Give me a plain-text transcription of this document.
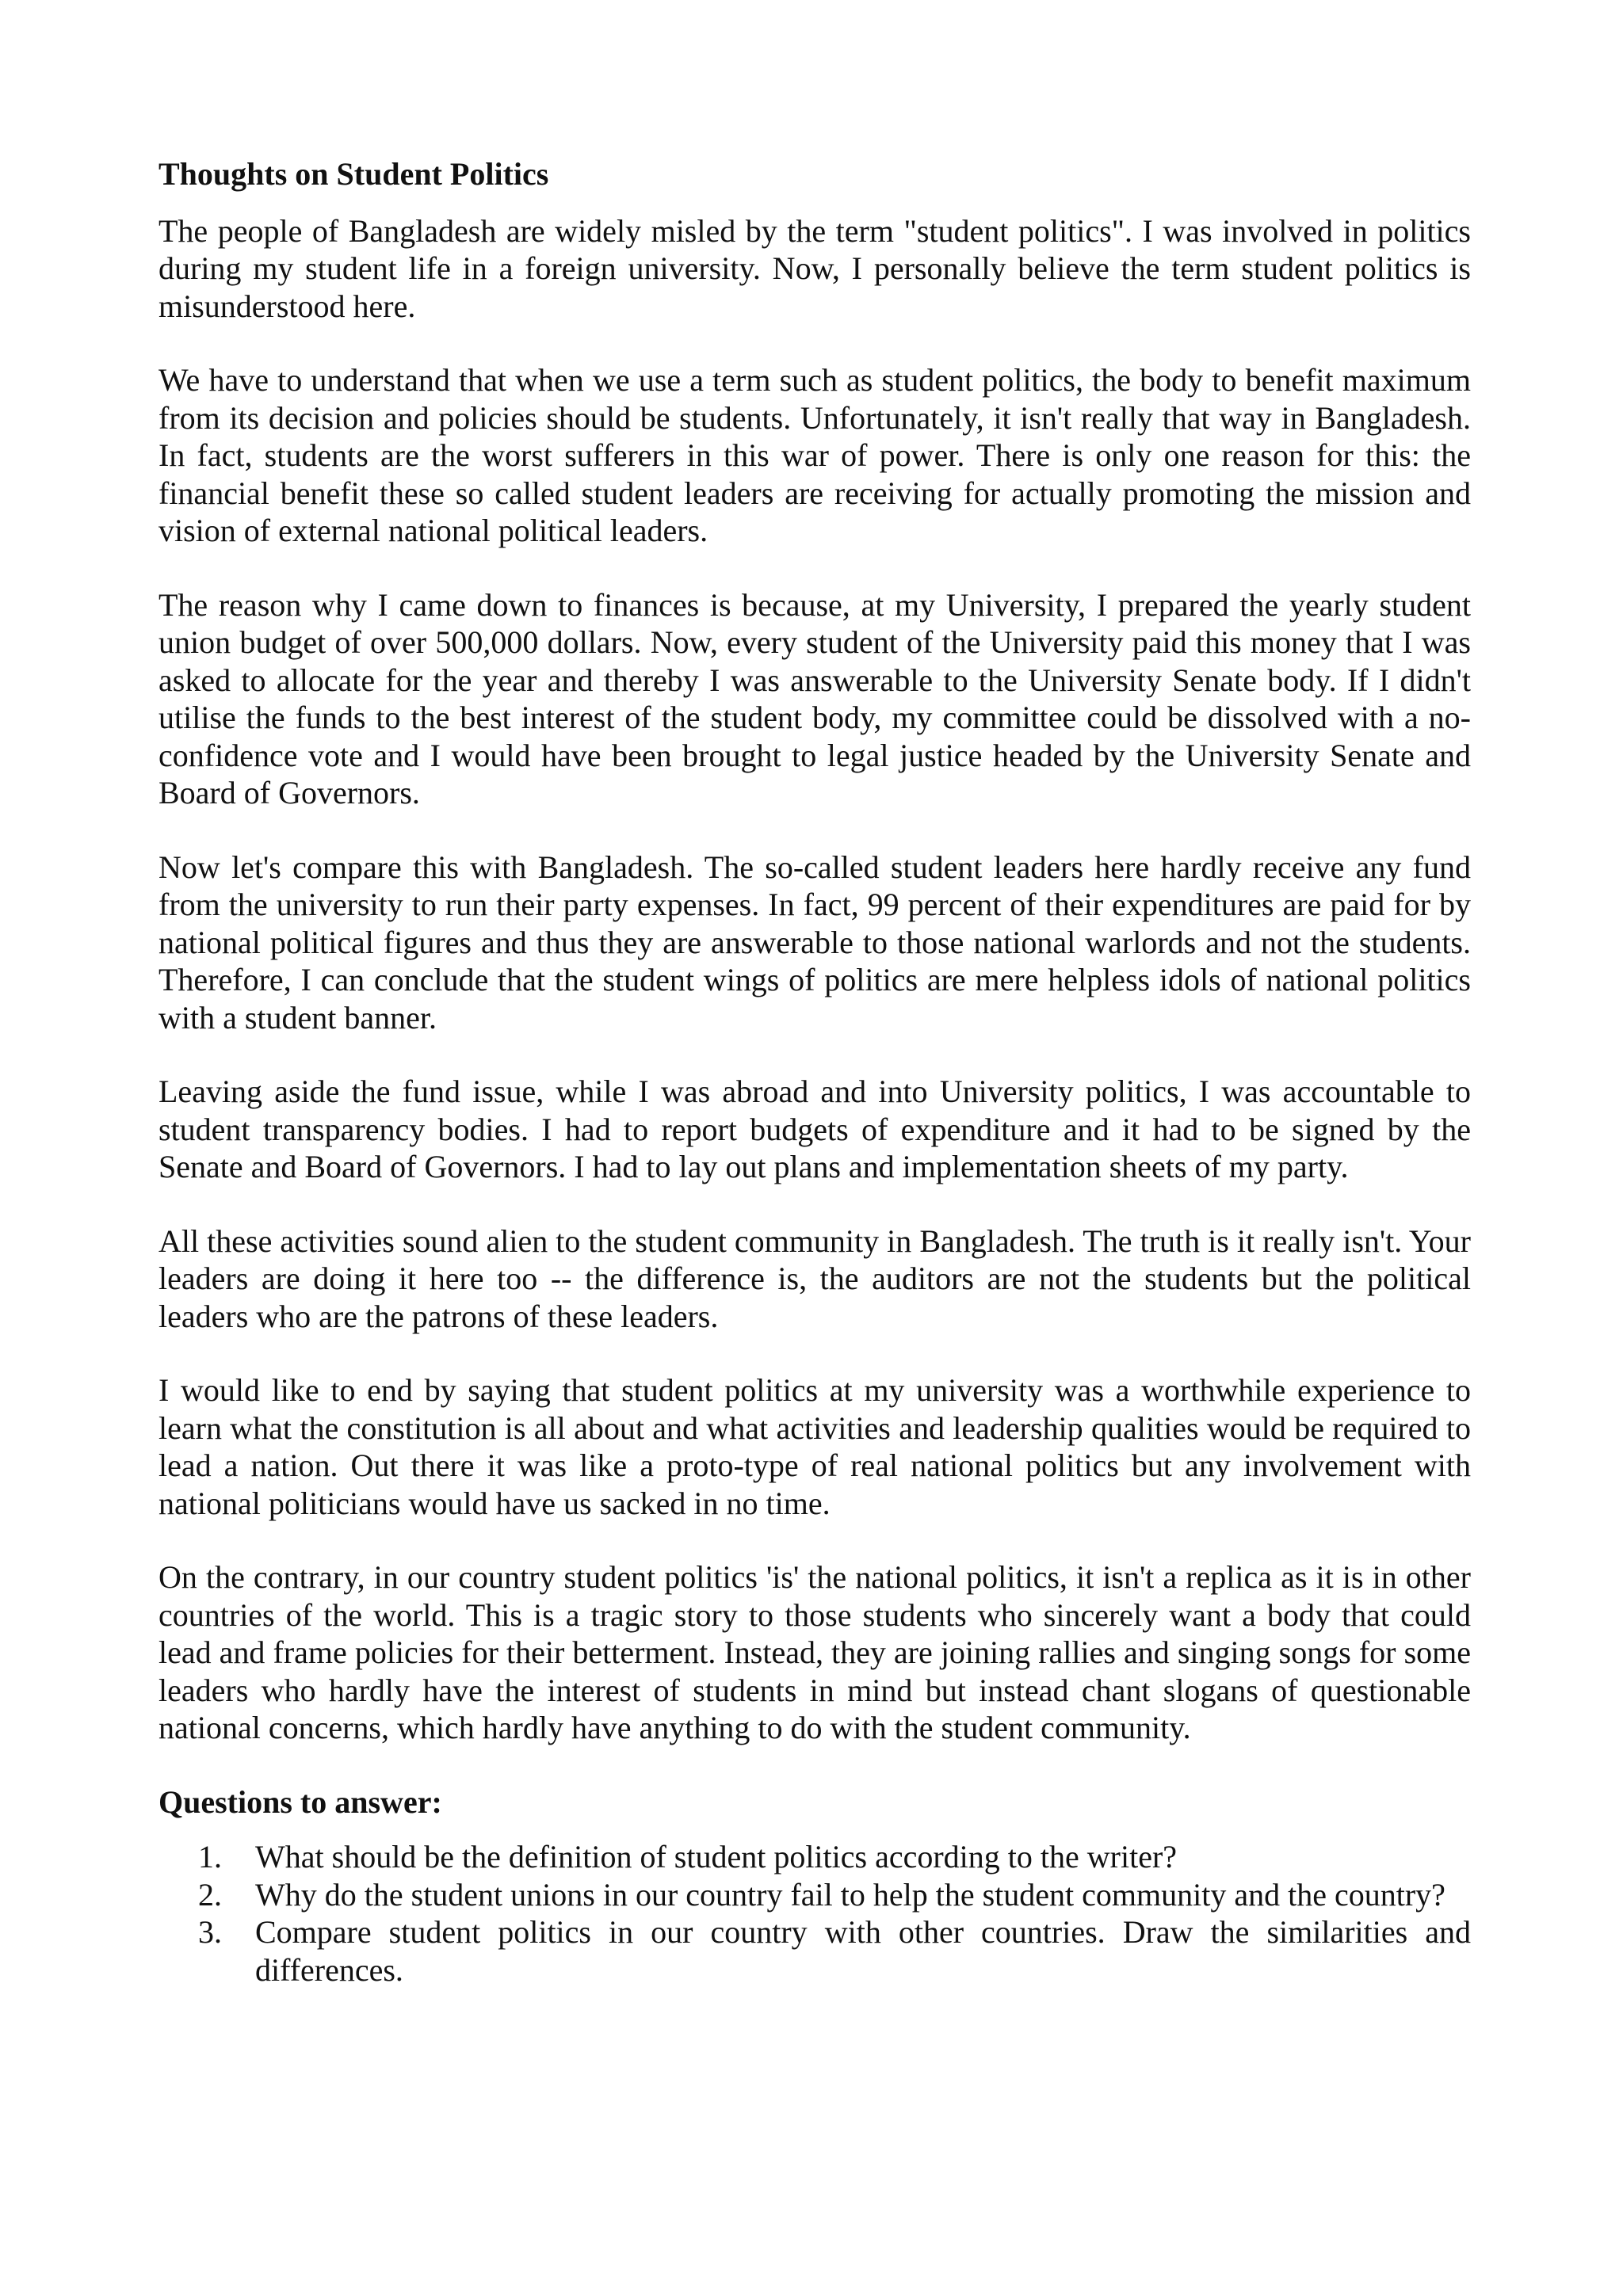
Thoughts on Student Politics
The people of Bangladesh are widely misled by the term "student politics". I was involved in politics during my student life in a foreign university. Now, I personally believe the term student politics is misunderstood here.
We have to understand that when we use a term such as student politics, the body to benefit maximum from its decision and policies should be students. Unfortunately, it isn't really that way in Bangladesh. In fact, students are the worst sufferers in this war of power. There is only one reason for this: the financial benefit these so called student leaders are receiving for actually promoting the mission and vision of external national political leaders.
The reason why I came down to finances is because, at my University, I prepared the yearly student union budget of over 500,000 dollars. Now, every student of the University paid this money that I was asked to allocate for the year and thereby I was answerable to the University Senate body. If I didn't utilise the funds to the best interest of the student body, my committee could be dissolved with a no-confidence vote and I would have been brought to legal justice headed by the University Senate and Board of Governors.
Now let's compare this with Bangladesh. The so-called student leaders here hardly receive any fund from the university to run their party expenses. In fact, 99 percent of their expenditures are paid for by national political figures and thus they are answerable to those national warlords and not the students. Therefore, I can conclude that the student wings of politics are mere helpless idols of national politics with a student banner.
Leaving aside the fund issue, while I was abroad and into University politics, I was accountable to student transparency bodies. I had to report budgets of expenditure and it had to be signed by the Senate and Board of Governors. I had to lay out plans and implementation sheets of my party.
All these activities sound alien to the student community in Bangladesh. The truth is it really isn't. Your leaders are doing it here too -- the difference is, the auditors are not the students but the political leaders who are the patrons of these leaders.
I would like to end by saying that student politics at my university was a worthwhile experience to learn what the constitution is all about and what activities and leadership qualities would be required to lead a nation. Out there it was like a proto-type of real national politics but any involvement with national politicians would have us sacked in no time.
On the contrary, in our country student politics 'is' the national politics, it isn't a replica as it is in other countries of the world. This is a tragic story to those students who sincerely want a body that could lead and frame policies for their betterment. Instead, they are joining rallies and singing songs for some leaders who hardly have the interest of students in mind but instead chant slogans of questionable national concerns, which hardly have anything to do with the student community.
Questions to answer:
1. What should be the definition of student politics according to the writer?
2. Why do the student unions in our country fail to help the student community and the country?
3. Compare student politics in our country with other countries. Draw the similarities and differences.
